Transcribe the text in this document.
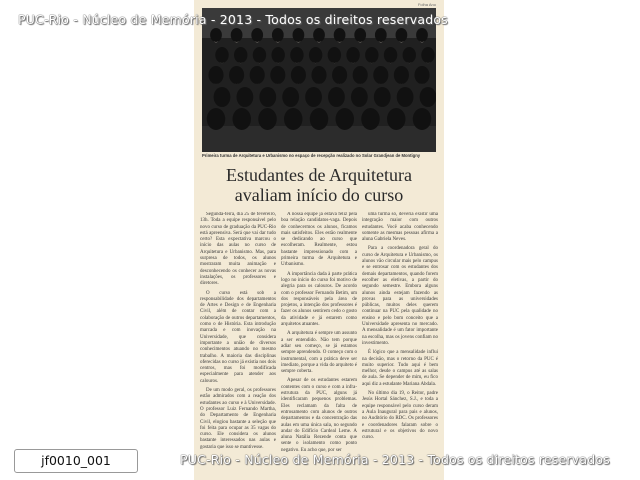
PUC-Rio - Núcleo de Memória - 2013 - Todos os direitos reservados
Folha Ano
Primeira turma de Arquitetura e Urbanismo no espaço de recepção realizado no Solar Grandjean de Montigny
Estudantes de Arquitetura
avaliam início do curso

Segunda-feira, dia 25 de fevereiro, 13h. Toda a equipe responsável pelo novo curso de graduação da PUC-Rio está apreensiva. Será que vai dar tudo certo? Esta expectativa marcou o início das aulas no curso de Arquitetura e Urbanismo. Mas, para surpresa de todos, os alunos mostraram muita animação e desconhecendo os conhecer as novas instalações, os professores e diretores.

O curso está sob a responsabilidade dos departamentos de Artes e Design e de Engenharia Civil, além de contar com a colaboração de outros departamentos, como o de História. Esta introdução marcada e com inovação na Universidade, que considera importante a união de diversos conhecimentos atuando no mesmo trabalho. A maioria das disciplinas oferecidas no curso já existia nos dois centros, mas foi modificada especialmente para atender aos calouros.

De um modo geral, os professores estão admirados com a reação dos estudantes ao curso e à Universidade. O professor Luiz Fernando Martha, do Departamento de Engenharia Civil, elogiou bastante a seleção que foi feita para ocupar as 35 vagas do curso. Ele considera os alunos bastante interessados nas aulas e gostaria que isso se mantivesse.

A nossa equipe já estava feliz pela boa relação candidatos-vaga. Depois de conhecermos os alunos, ficamos mais satisfeitos. Eles estão realmente se dedicando ao curso que escolheram. Realmente, estou bastante impressionado com a primeira turma de Arquitetura e Urbanismo.

A importância dada à parte prática logo no início do curso foi motivo de alegria para os calouros. De acordo com o professor Fernando Betim, um dos responsáveis pela área de projetos, a intenção dos professores é fazer os alunos sentirem cedo o gosto da atividade e já estarem como arquitetos atuantes.

A arquitetura é sempre um assunto a ser entendido. Não tem porque adiar seu começo, se já estamos sempre aprendendo. O começo com o instrumental, com a prática deve ser imediato, porque a vida do arquiteto é sempre coberta.

Apesar de os estudantes estarem contentes com o curso e com a infra-estrutura da PUC, alguns já identificaram pequenos problemas. Eles reclamam da falta de entrosamento com alunos de outros departamentos e da concentração das aulas em uma única sala, no segundo andar do Edifício Cardeal Leme. A aluna Natália Rezende conta que sente o isolamento como ponto negativo. Eu acho que, por ser

uma turma só, deveria existir uma integração maior com outros estudantes. Você acaba conhecendo somente as mesmas pessoas afirma a aluna Gabriela Neves.

Para a coordenadora geral do curso de Arquitetura e Urbanismo, os alunos vão circular mais pelo campus e se entrosar com os estudantes dos demais departamentos, quando forem escolher as eletivas, a partir do segundo semestre. Embora alguns alunos ainda estejam fazendo as provas para as universidades públicas, muitos deles querem continuar na PUC pela qualidade no ensino e pelo bom conceito que a Universidade apresenta no mercado. A mensalidade é um fator importante na escolha, mas os jovens confiam no investimento.

É lógico que a mensalidade influi na decisão, mas o retorno da PUC é muito superior. Tudo aqui é bem melhor, desde o campus até as salas de aula. Se depender de mim, eu fico aqui diz a estudante Mariana Abdala.

No último dia 19, o Reitor, padre Jesús Hortal Sánchez, S.J., e toda a equipe responsável pelo curso deram a Aula Inaugural para pais e alunos, no Auditório do RDC. Os professores e coordenadores falaram sobre o estrutural e os objetivos do novo curso.

jf0010_001	PUC-Rio - Núcleo de Memória - 2013 - Todos os direitos reservados
